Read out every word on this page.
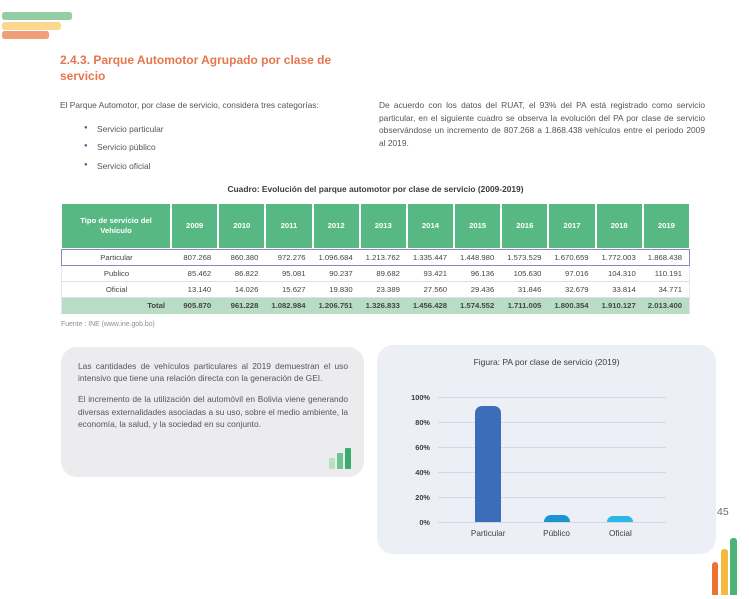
2.4.3. Parque Automotor Agrupado por clase de servicio
El Parque Automotor, por clase de servicio, considera tres categorías:
● Servicio particular
● Servicio público
● Servicio oficial
De acuerdo con los datos del RUAT, el 93% del PA está registrado como servicio particular, en el siguiente cuadro se observa la evolución del PA por clase de servicio observándose un incremento de 807.268 a 1.868.438 vehículos entre el periodo 2009 al 2019.
Cuadro: Evolución del parque automotor por clase de servicio (2009-2019)
Tipo de servicio del Vehículo	2009	2010	2011	2012	2013	2014	2015	2016	2017	2018	2019
Particular	807.268	860.380	972.276	1.096.684	1.213.762	1.335.447	1.448.980	1.573.529	1.670.659	1.772.003	1.868.438
Publico	85.462	86.822	95.081	90.237	89.682	93.421	96.136	105.630	97.016	104.310	110.191
Oficial	13.140	14.026	15.627	19.830	23.389	27.560	29.436	31.846	32.679	33.814	34.771
Total	905.870	961.228	1.082.984	1.206.751	1.326.833	1.456.428	1.574.552	1.711.005	1.800.354	1.910.127	2.013.400
Fuente : INE (www.ine.gob.bo)

Las cantidades de vehículos particulares al 2019 demuestran el uso intensivo que tiene una relación directa con la generación de GEI.

El incremento de la utilización del automóvil en Bolivia viene generando diversas externalidades asociadas a su uso, sobre el medio ambiente, la economía, la salud, y la sociedad en su conjunto.

Figura: PA por clase de servicio (2019)
100%
80%
60%
40%
20%
0%
Particular	Público	Oficial
45
